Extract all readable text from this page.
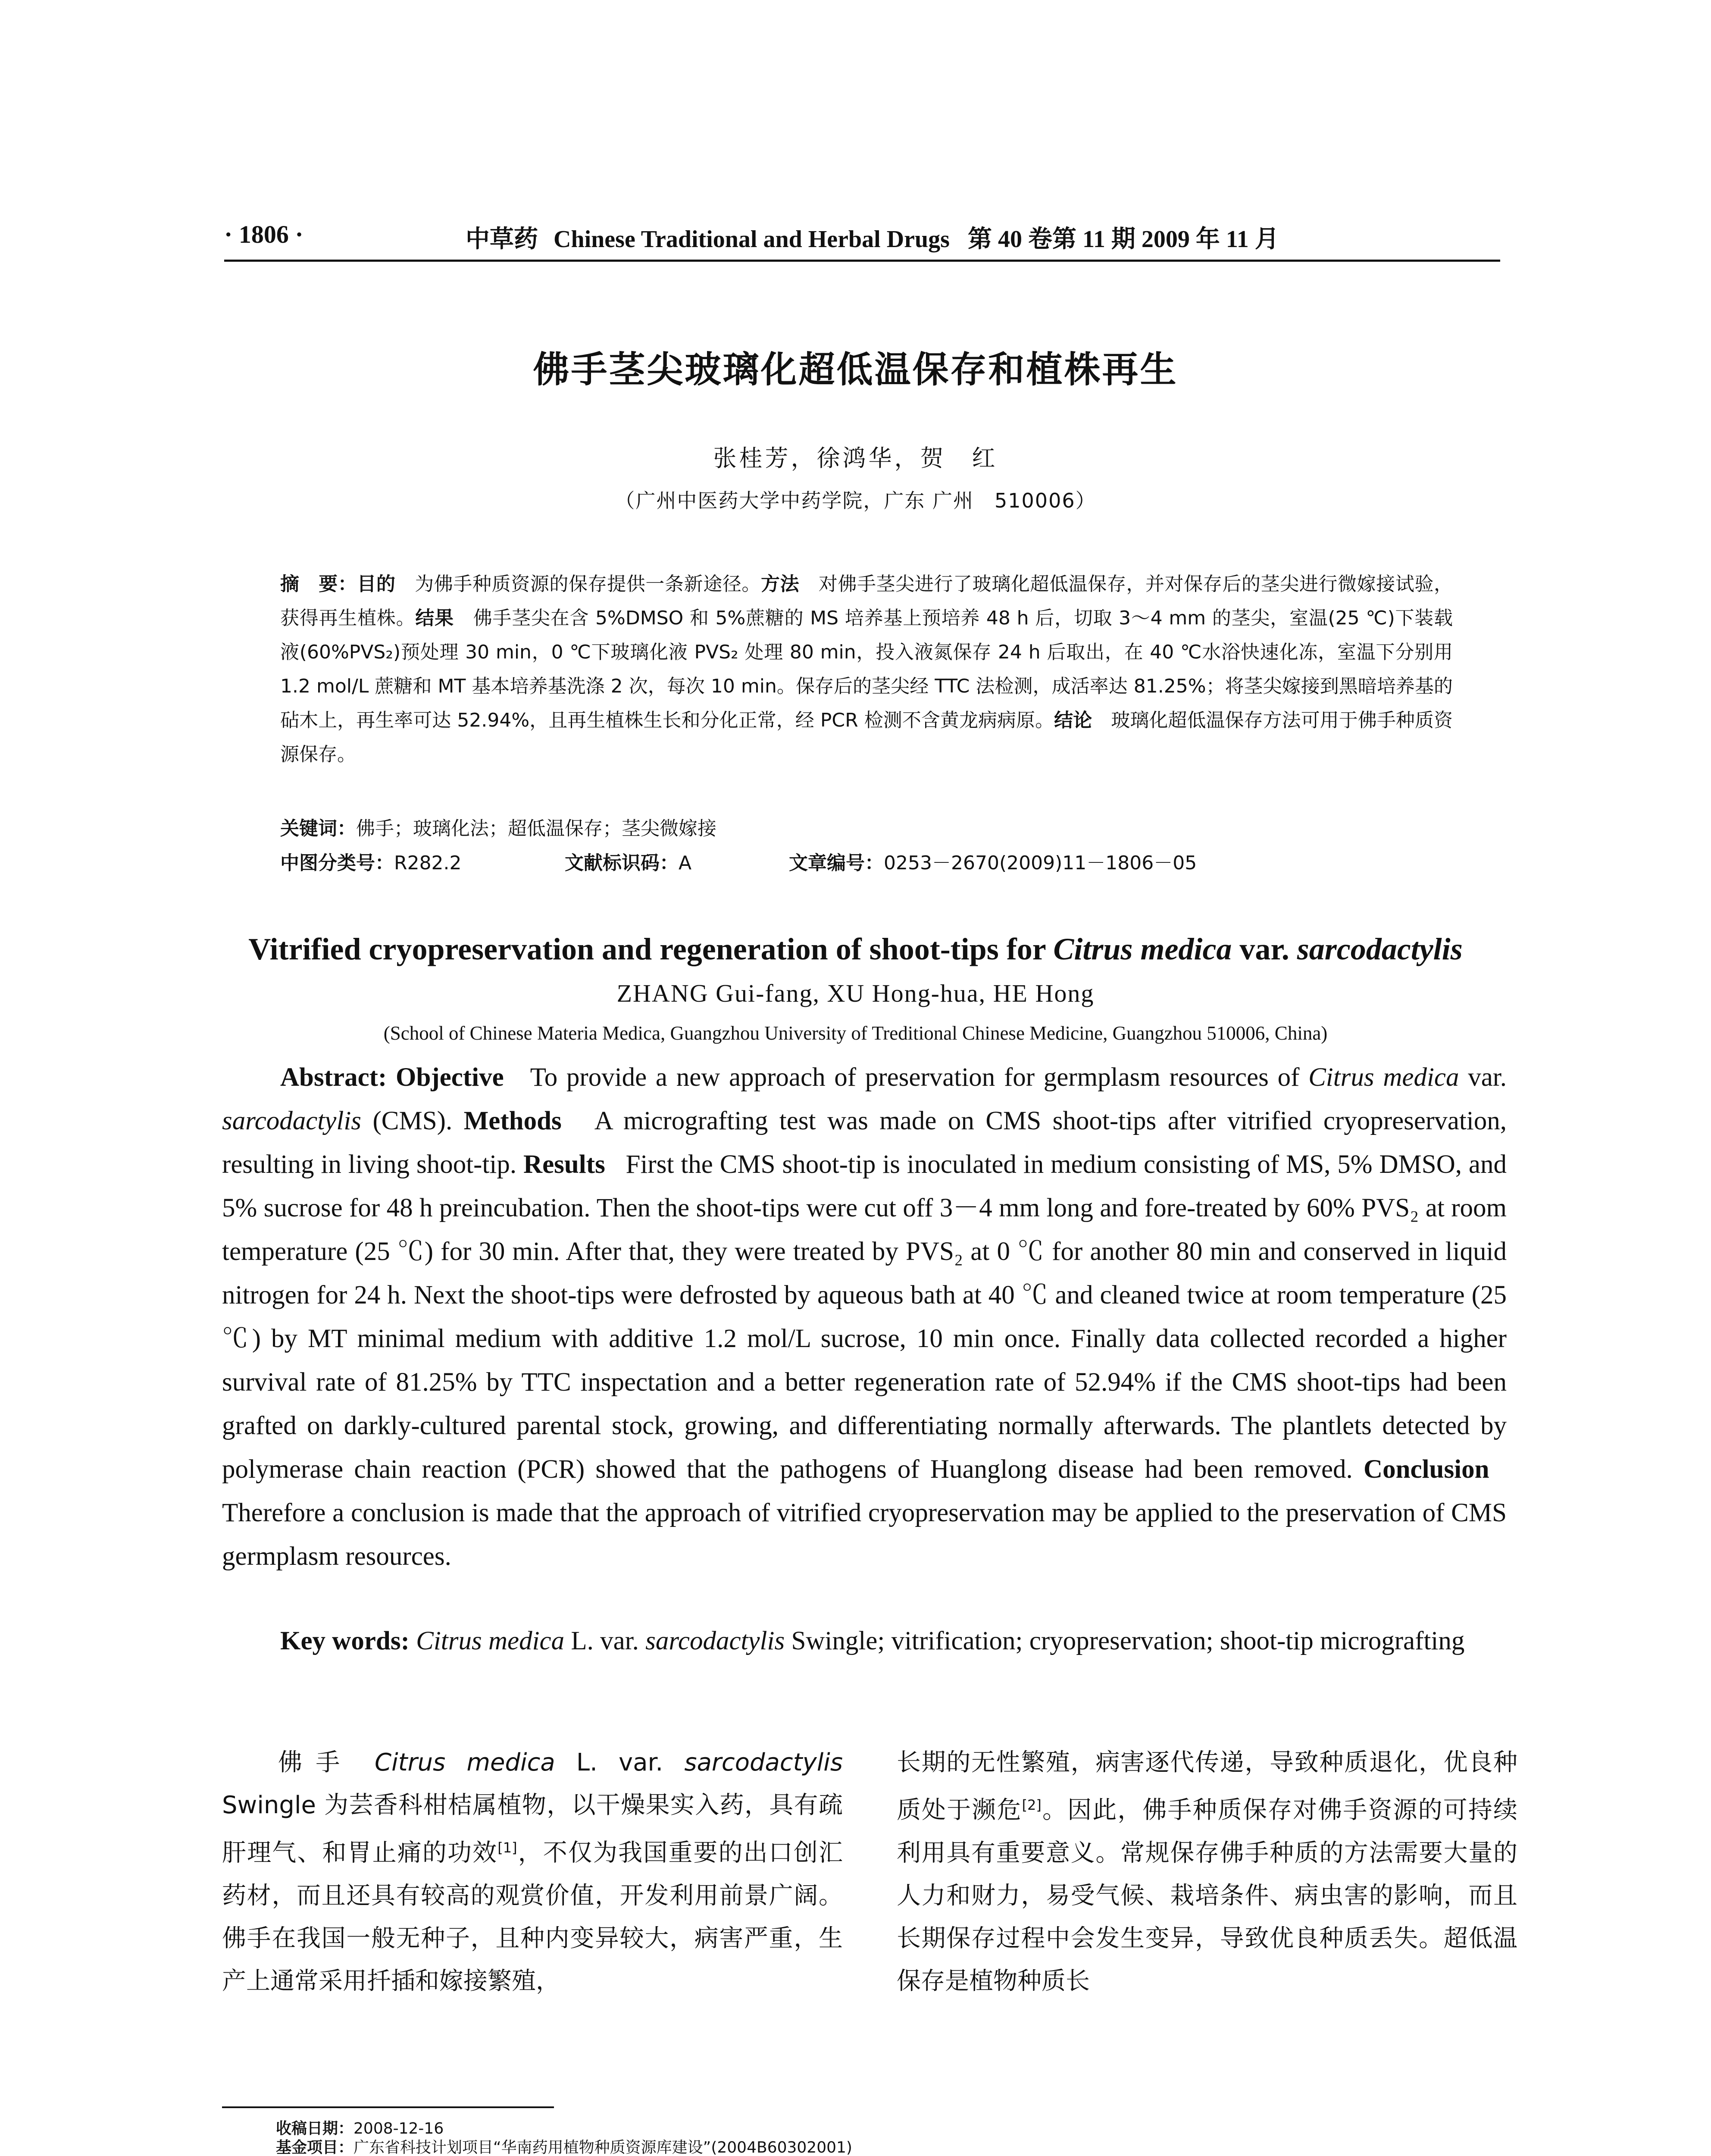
· 1806 ·	中草药 Chinese Traditional and Herbal Drugs 第 40 卷第 11 期 2009 年 11 月
佛手茎尖玻璃化超低温保存和植株再生
张桂芳，徐鸿华，贺　红
（广州中医药大学中药学院，广东 广州　510006）
摘　要：目的　 为佛手种质资源的保存提供一条新途径。方法　 对佛手茎尖进行了玻璃化超低温保存，并对保存后的茎尖进行微嫁接试验，获得再生植株。结果　 佛手茎尖在含 5%DMSO 和 5%蔗糖的 MS 培养基上预培养 48 h 后，切取 3～4 mm 的茎尖，室温(25 ℃)下装载液(60%PVS₂)预处理 30 min，0 ℃下玻璃化液 PVS₂ 处理 80 min，投入液氮保存 24 h 后取出，在 40 ℃水浴快速化冻，室温下分别用 1.2 mol/L 蔗糖和 MT 基本培养基洗涤 2 次，每次 10 min。保存后的茎尖经 TTC 法检测，成活率达 81.25%；将茎尖嫁接到黑暗培养基的砧木上，再生率可达 52.94%，且再生植株生长和分化正常，经 PCR 检测不含黄龙病病原。结论　 玻璃化超低温保存方法可用于佛手种质资源保存。
关键词：佛手；玻璃化法；超低温保存；茎尖微嫁接
中图分类号：R282.2	文献标识码：A	文章编号：0253－2670(2009)11－1806－05
Vitrified cryopreservation and regeneration of shoot-tips for Citrus medica var. sarcodactylis
ZHANG Gui-fang, XU Hong-hua, HE Hong
(School of Chinese Materia Medica, Guangzhou University of Treditional Chinese Medicine, Guangzhou 510006, China)
Abstract: Objective To provide a new approach of preservation for germplasm resources of Citrus medica var. sarcodactylis (CMS). Methods A micrografting test was made on CMS shoot-tips after vitrified cryopreservation, resulting in living shoot-tip. Results First the CMS shoot-tip is inoculated in medium consisting of MS, 5% DMSO, and 5% sucrose for 48 h preincubation. Then the shoot-tips were cut off 3－4 mm long and fore-treated by 60% PVS₂ at room temperature (25 ℃) for 30 min. After that, they were treated by PVS₂ at 0 ℃ for another 80 min and conserved in liquid nitrogen for 24 h. Next the shoot-tips were defrosted by aqueous bath at 40 ℃ and cleaned twice at room temperature (25 ℃) by MT minimal medium with additive 1.2 mol/L sucrose, 10 min once. Finally data collected recorded a higher survival rate of 81.25% by TTC inspectation and a better regeneration rate of 52.94% if the CMS shoot-tips had been grafted on darkly-cultured parental stock, growing, and differentiating normally afterwards. The plantlets detected by polymerase chain reaction (PCR) showed that the pathogens of Huanglong disease had been removed. Conclusion   Therefore a conclusion is made that the approach of vitrified cryopreservation may be applied to the preservation of CMS germplasm resources.
Key words: Citrus medica L. var. sarcodactylis Swingle; vitrification; cryopreservation; shoot-tip micrografting
佛手 Citrus medica L. var. sarcodactylis Swingle 为芸香科柑桔属植物，以干燥果实入药，具有疏肝理气、和胃止痛的功效[1]，不仅为我国重要的出口创汇药材，而且还具有较高的观赏价值，开发利用前景广阔。佛手在我国一般无种子，且种内变异较大，病害严重，生产上通常采用扦插和嫁接繁殖，
长期的无性繁殖，病害逐代传递，导致种质退化，优良种质处于濒危[2]。因此，佛手种质保存对佛手资源的可持续利用具有重要意义。常规保存佛手种质的方法需要大量的人力和财力，易受气候、栽培条件、病虫害的影响，而且长期保存过程中会发生变异，导致优良种质丢失。超低温保存是植物种质长
收稿日期：2008-12-16
基金项目：广东省科技计划项目“华南药用植物种质资源库建设”(2004B60302001)
